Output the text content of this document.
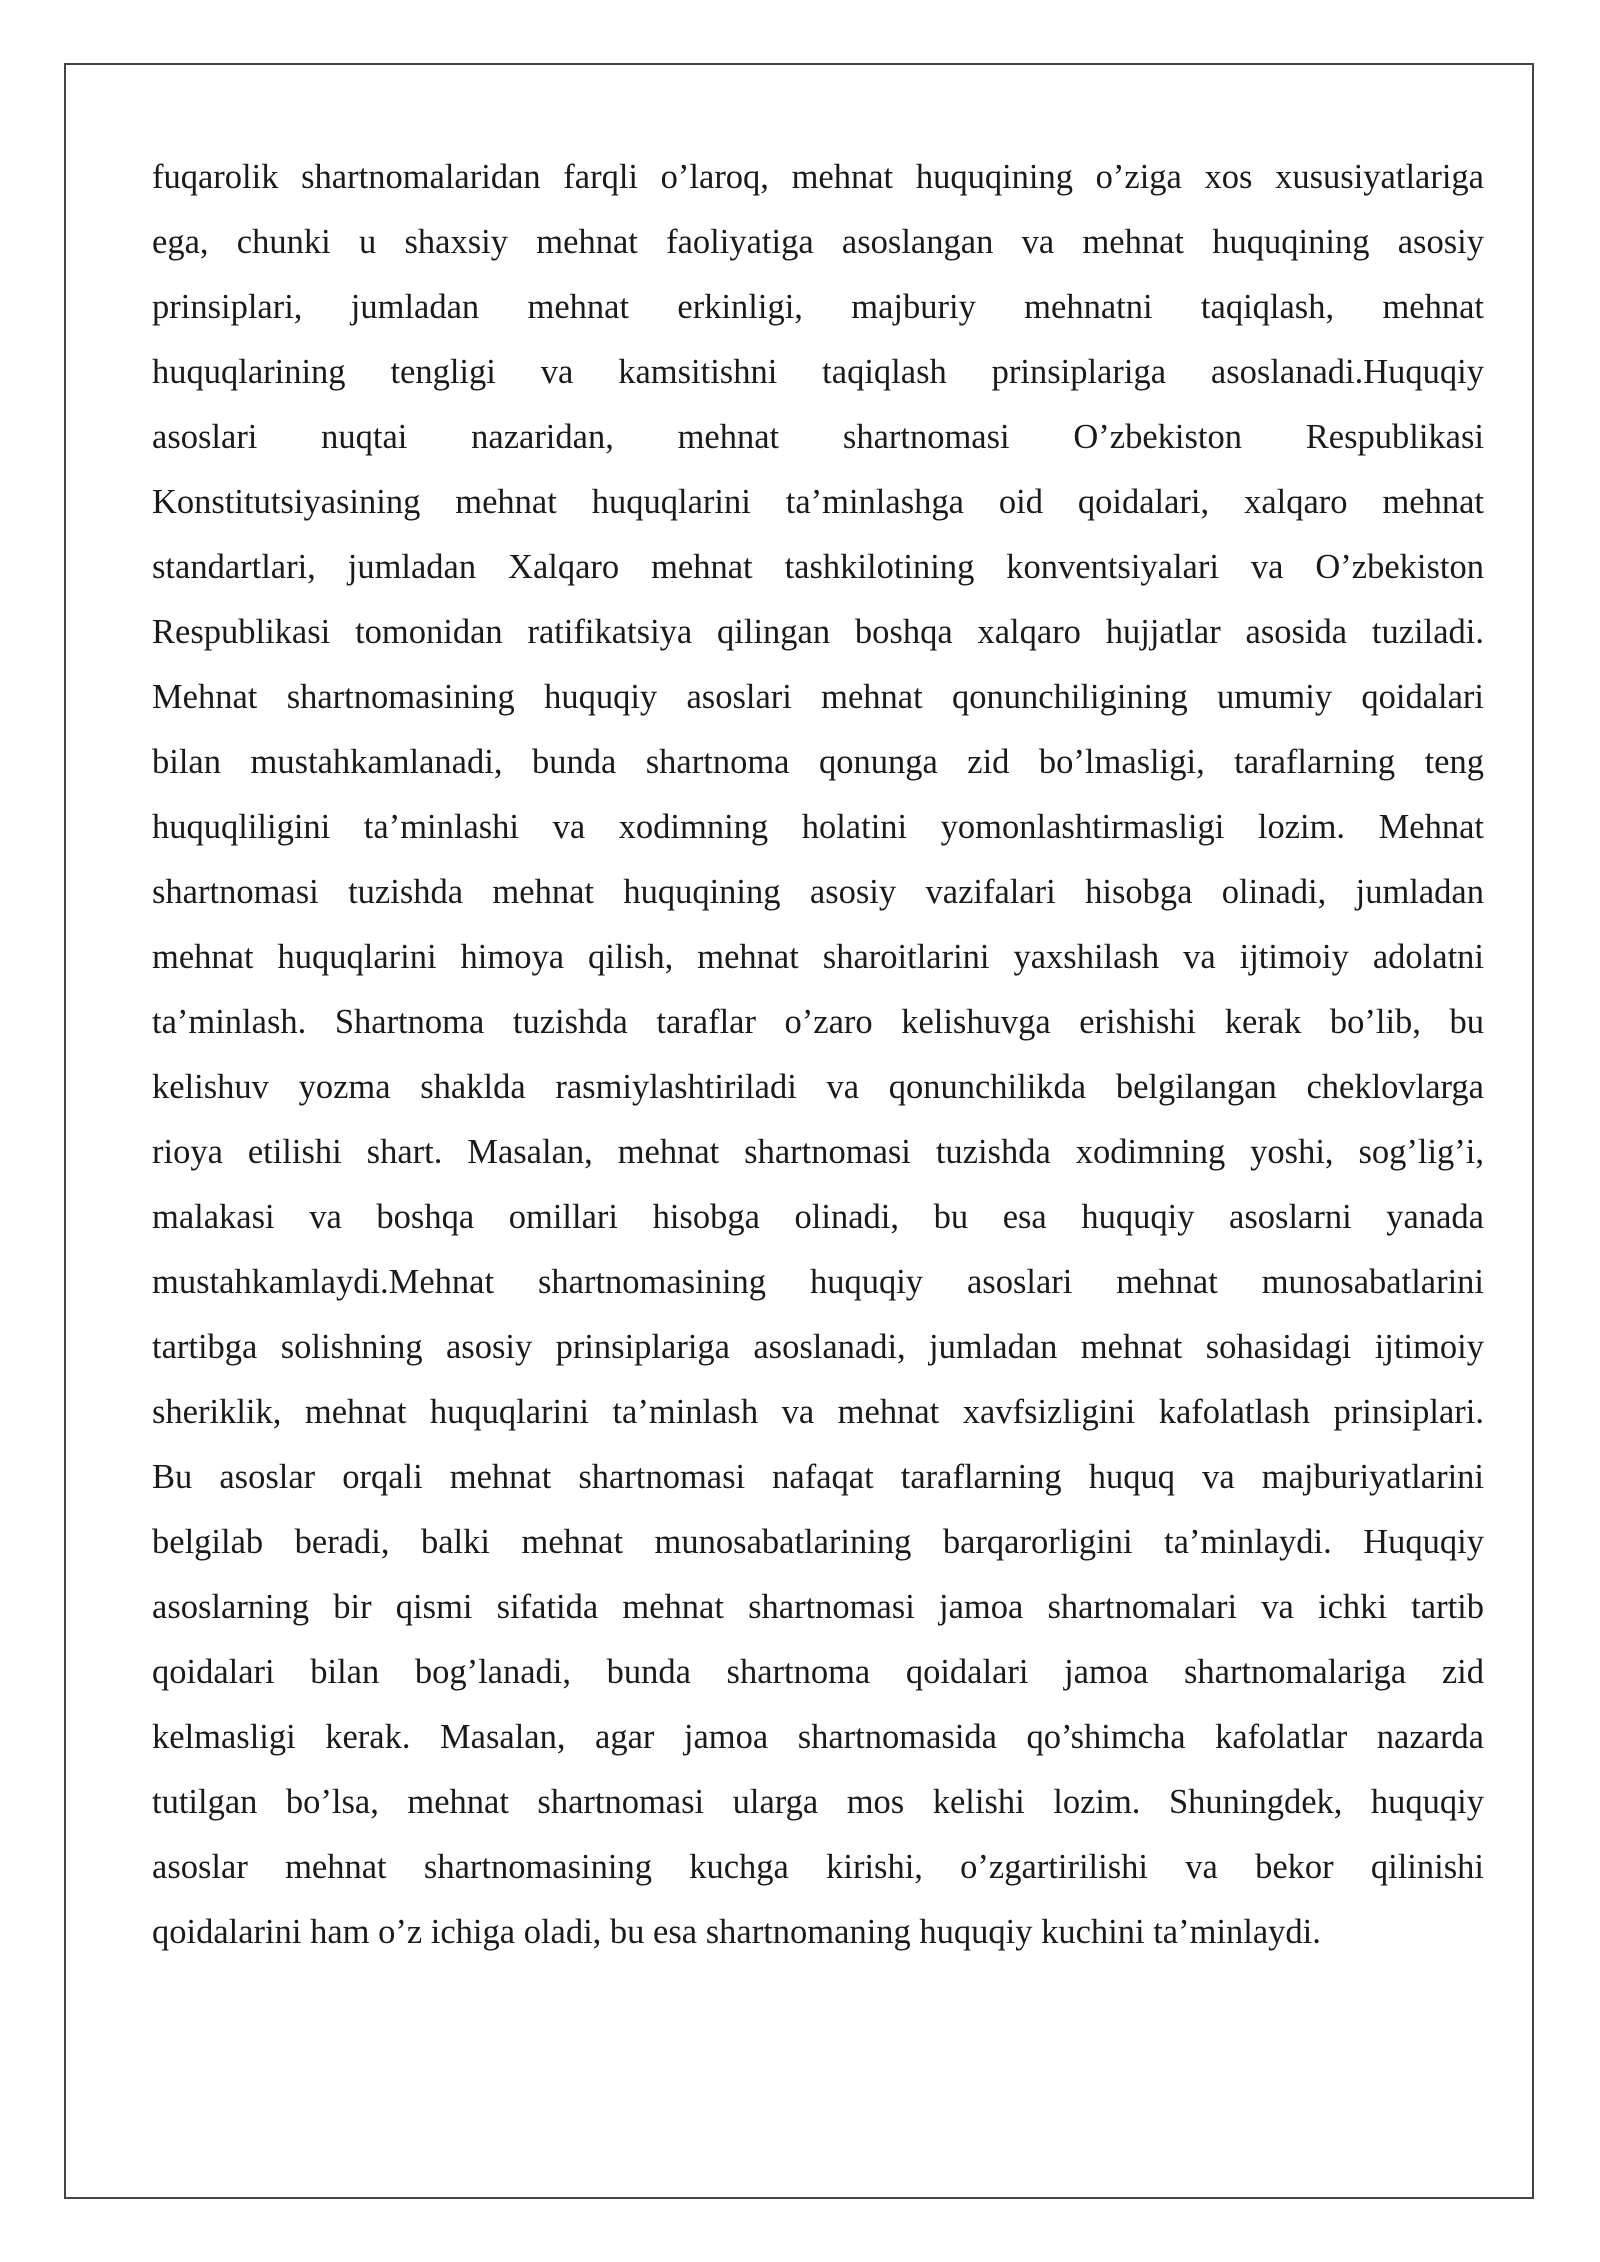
fuqarolik shartnomalaridan farqli o’laroq, mehnat huquqining o’ziga xos xususiyatlariga
ega, chunki u shaxsiy mehnat faoliyatiga asoslangan va mehnat huquqining asosiy
prinsiplari, jumladan mehnat erkinligi, majburiy mehnatni taqiqlash, mehnat
huquqlarining tengligi va kamsitishni taqiqlash prinsiplariga asoslanadi.Huquqiy
asoslari nuqtai nazaridan, mehnat shartnomasi O’zbekiston Respublikasi
Konstitutsiyasining mehnat huquqlarini ta’minlashga oid qoidalari, xalqaro mehnat
standartlari, jumladan Xalqaro mehnat tashkilotining konventsiyalari va O’zbekiston
Respublikasi tomonidan ratifikatsiya qilingan boshqa xalqaro hujjatlar asosida tuziladi.
Mehnat shartnomasining huquqiy asoslari mehnat qonunchiligining umumiy qoidalari
bilan mustahkamlanadi, bunda shartnoma qonunga zid bo’lmasligi, taraflarning teng
huquqliligini ta’minlashi va xodimning holatini yomonlashtirmasligi lozim. Mehnat
shartnomasi tuzishda mehnat huquqining asosiy vazifalari hisobga olinadi, jumladan
mehnat huquqlarini himoya qilish, mehnat sharoitlarini yaxshilash va ijtimoiy adolatni
ta’minlash. Shartnoma tuzishda taraflar o’zaro kelishuvga erishishi kerak bo’lib, bu
kelishuv yozma shaklda rasmiylashtiriladi va qonunchilikda belgilangan cheklovlarga
rioya etilishi shart. Masalan, mehnat shartnomasi tuzishda xodimning yoshi, sog’lig’i,
malakasi va boshqa omillari hisobga olinadi, bu esa huquqiy asoslarni yanada
mustahkamlaydi.Mehnat shartnomasining huquqiy asoslari mehnat munosabatlarini
tartibga solishning asosiy prinsiplariga asoslanadi, jumladan mehnat sohasidagi ijtimoiy
sheriklik, mehnat huquqlarini ta’minlash va mehnat xavfsizligini kafolatlash prinsiplari.
Bu asoslar orqali mehnat shartnomasi nafaqat taraflarning huquq va majburiyatlarini
belgilab beradi, balki mehnat munosabatlarining barqarorligini ta’minlaydi. Huquqiy
asoslarning bir qismi sifatida mehnat shartnomasi jamoa shartnomalari va ichki tartib
qoidalari bilan bog’lanadi, bunda shartnoma qoidalari jamoa shartnomalariga zid
kelmasligi kerak. Masalan, agar jamoa shartnomasida qo’shimcha kafolatlar nazarda
tutilgan bo’lsa, mehnat shartnomasi ularga mos kelishi lozim. Shuningdek, huquqiy
asoslar mehnat shartnomasining kuchga kirishi, o’zgartirilishi va bekor qilinishi
qoidalarini ham o’z ichiga oladi, bu esa shartnomaning huquqiy kuchini ta’minlaydi.
